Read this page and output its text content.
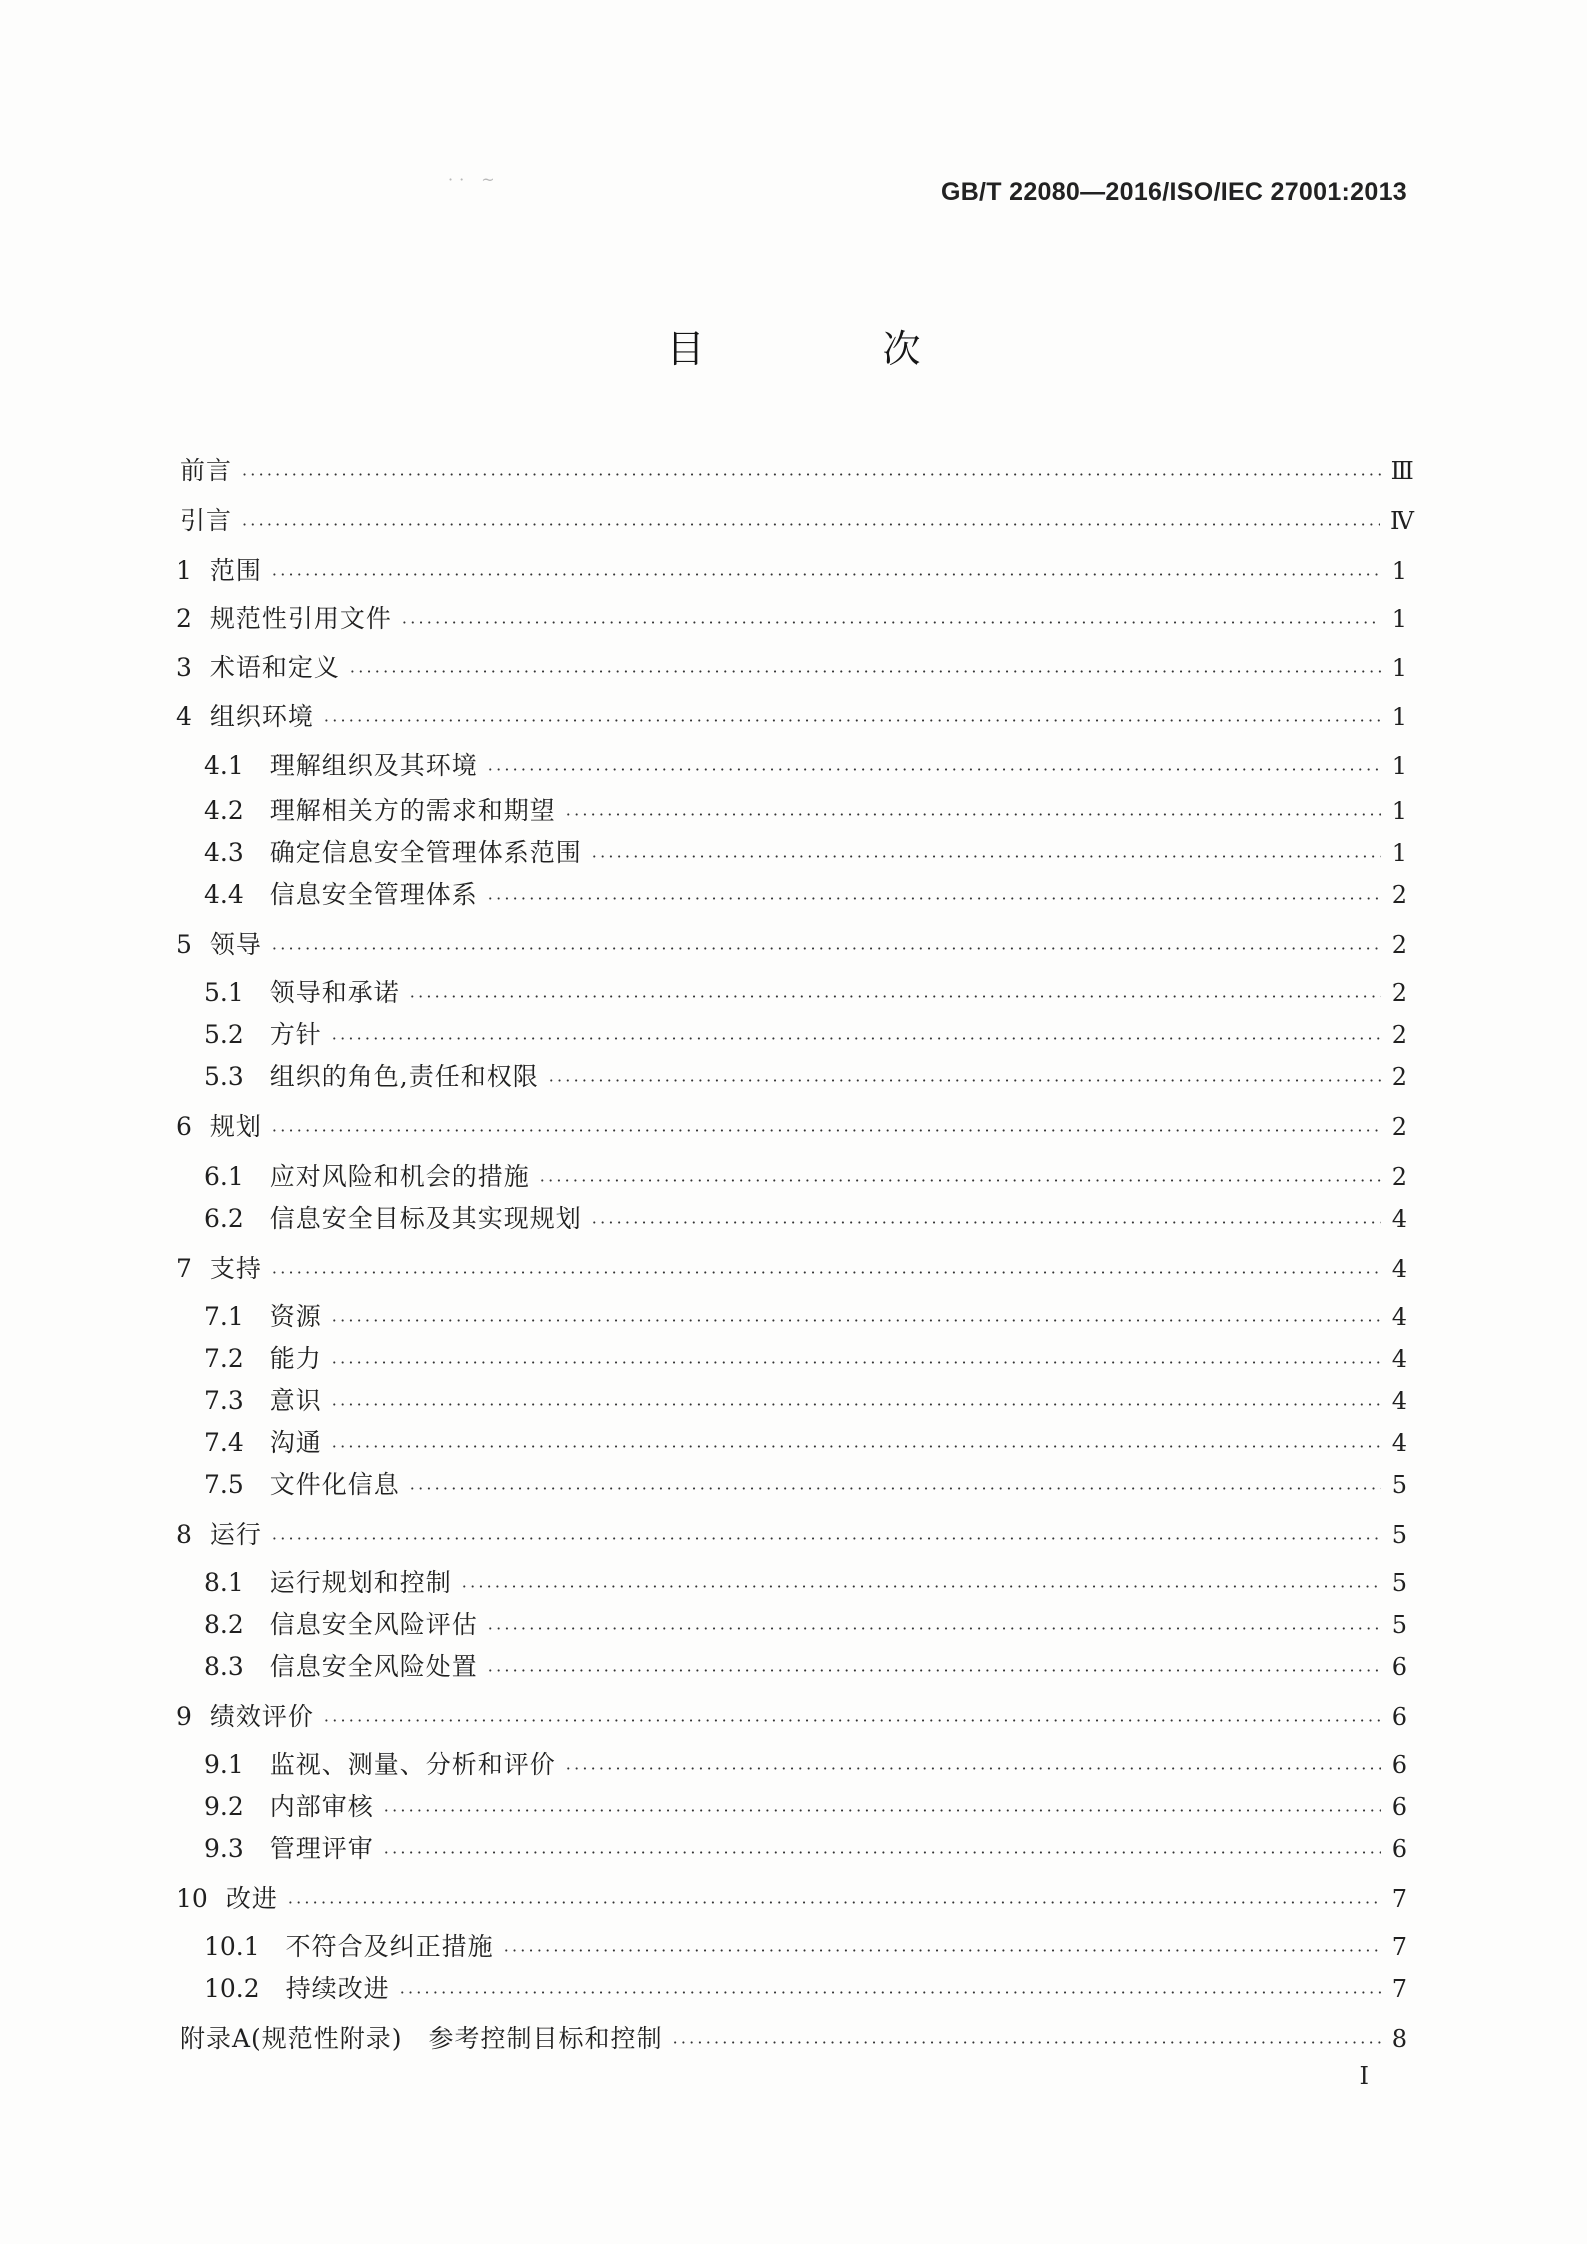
·· ~	GB/T 22080—2016/ISO/IEC 27001:2013
目　次
前言 ·····	Ⅲ
引言 ·····	Ⅳ
1 范围 ·····	1
2 规范性引用文件 ·····	1
3 术语和定义 ·····	1
4 组织环境 ·····	1
4.1 理解组织及其环境 ·····	1
4.2 理解相关方的需求和期望 ·····	1
4.3 确定信息安全管理体系范围 ·····	1
4.4 信息安全管理体系 ·····	2
5 领导 ·····	2
5.1 领导和承诺 ·····	2
5.2 方针 ·····	2
5.3 组织的角色,责任和权限 ·····	2
6 规划 ·····	2
6.1 应对风险和机会的措施 ·····	2
6.2 信息安全目标及其实现规划 ·····	4
7 支持 ·····	4
7.1 资源 ·····	4
7.2 能力 ·····	4
7.3 意识 ·····	4
7.4 沟通 ·····	4
7.5 文件化信息 ·····	5
8 运行 ·····	5
8.1 运行规划和控制 ·····	5
8.2 信息安全风险评估 ·····	5
8.3 信息安全风险处置 ·····	6
9 绩效评价 ·····	6
9.1 监视、测量、分析和评价 ·····	6
9.2 内部审核 ·····	6
9.3 管理评审 ·····	6
10 改进 ·····	7
10.1 不符合及纠正措施 ·····	7
10.2 持续改进 ·····	7
附录A(规范性附录)　参考控制目标和控制 ·····	8
I
